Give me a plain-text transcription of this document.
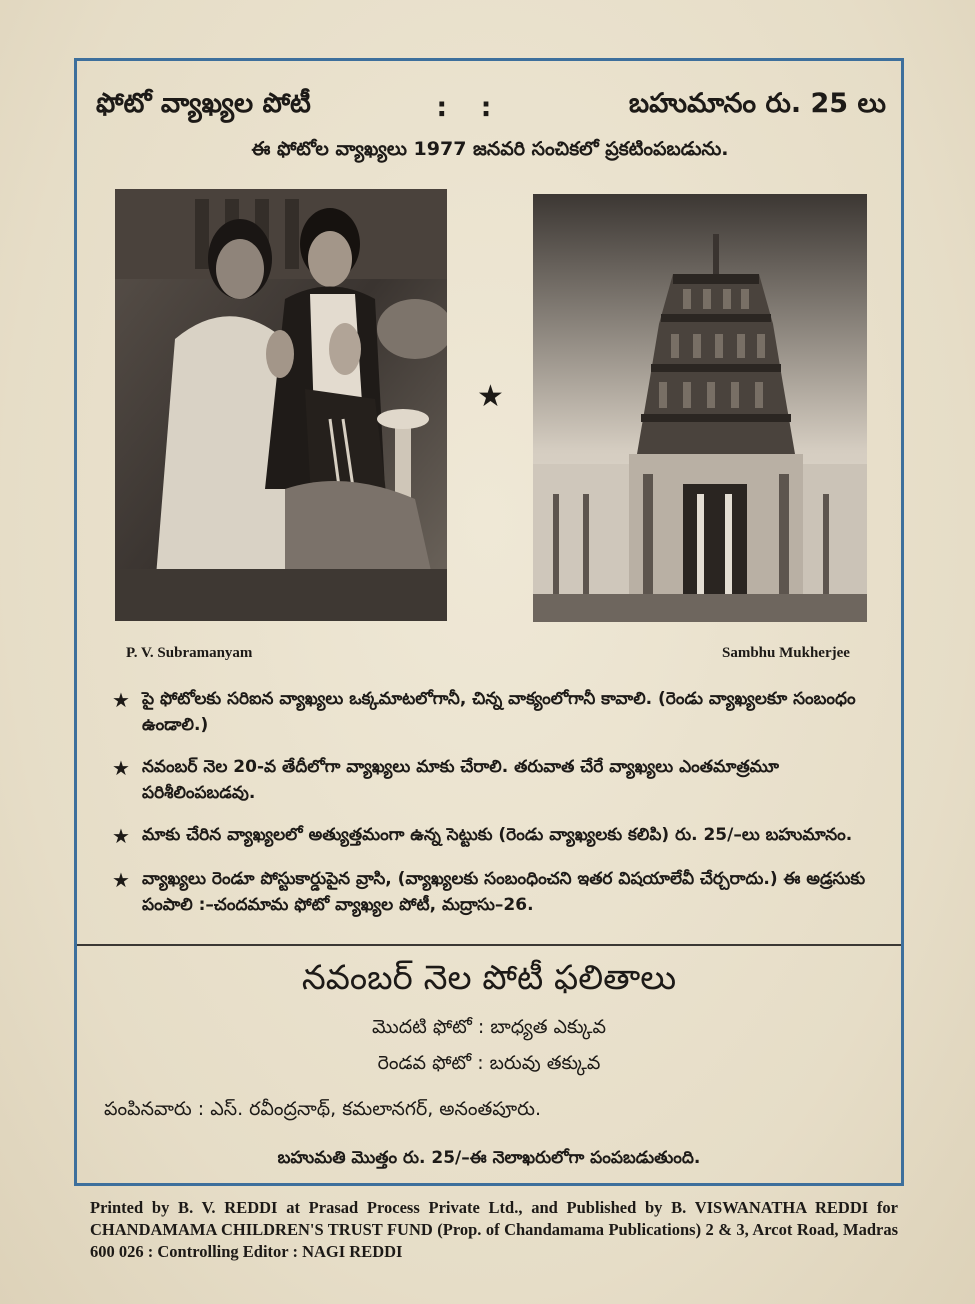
ఫోటో వ్యాఖ్యల పోటీ	: :	బహుమానం రు. 25 లు
ఈ ఫోటోల వ్యాఖ్యలు 1977 జనవరి సంచికలో ప్రకటింపబడును.
★
P. V. Subramanyam	Sambhu Mukherjee
★ పై ఫోటోలకు సరిఐన వ్యాఖ్యలు ఒక్కమాటలోగానీ, చిన్న వాక్యంలోగానీ కావాలి. (రెండు వ్యాఖ్యలకూ సంబంధం ఉండాలి.)
★ నవంబర్ నెల 20-వ తేదీలోగా వ్యాఖ్యలు మాకు చేరాలి. తరువాత చేరే వ్యాఖ్యలు ఎంతమాత్రమూ పరిశీలింపబడవు.
★ మాకు చేరిన వ్యాఖ్యలలో అత్యుత్తమంగా ఉన్న సెట్టుకు (రెండు వ్యాఖ్యలకు కలిపి) రు. 25/–లు బహుమానం.
★ వ్యాఖ్యలు రెండూ పోస్టుకార్డుపైన వ్రాసి, (వ్యాఖ్యలకు సంబంధించని ఇతర విషయాలేవీ చేర్చరాదు.) ఈ అడ్రసుకు పంపాలి :–చందమామ ఫోటో వ్యాఖ్యల పోటీ, మద్రాసు–26.
నవంబర్ నెల పోటీ ఫలితాలు
మొదటి ఫోటో : బాధ్యత ఎక్కువ
రెండవ ఫోటో : బరువు తక్కువ
పంపినవారు : ఎస్. రవీంద్రనాథ్, కమలానగర్, అనంతపూరు.
బహుమతి మొత్తం రు. 25/–ఈ నెలాఖరులోగా పంపబడుతుంది.
Printed by B. V. REDDI at Prasad Process Private Ltd., and Published by B. VISWANATHA REDDI for CHANDAMAMA CHILDREN'S TRUST FUND (Prop. of Chandamama Publications) 2 & 3, Arcot Road, Madras 600 026 : Controlling Editor : NAGI REDDI
